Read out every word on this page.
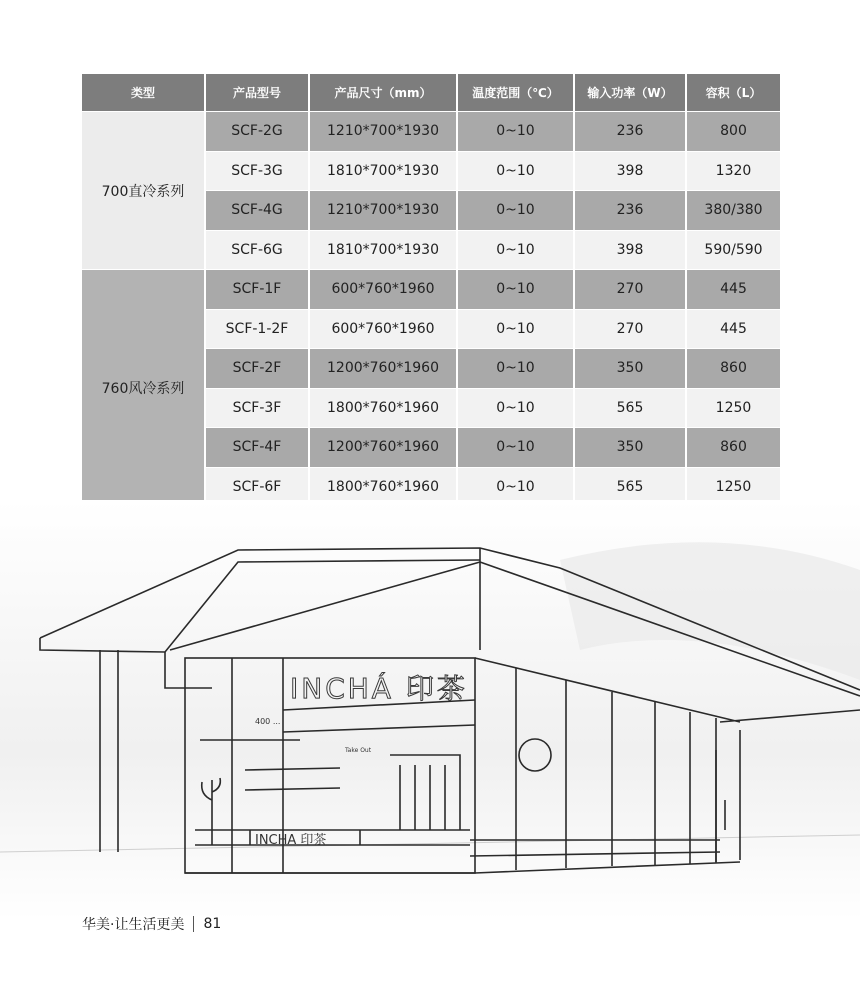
类型	产品型号	产品尺寸（mm）	温度范围（℃）	输入功率（W）	容积（L）
700直冷系列	SCF-2G	1210*700*1930	0~10	236	800
	SCF-3G	1810*700*1930	0~10	398	1320
	SCF-4G	1210*700*1930	0~10	236	380/380
	SCF-6G	1810*700*1930	0~10	398	590/590
760风冷系列	SCF-1F	600*760*1960	0~10	270	445
	SCF-1-2F	600*760*1960	0~10	270	445
	SCF-2F	1200*760*1960	0~10	350	860
	SCF-3F	1800*760*1960	0~10	565	1250
	SCF-4F	1200*760*1960	0~10	350	860
	SCF-6F	1800*760*1960	0~10	565	1250
INCHÁ 印茶
INCHA 印茶
400 ...
Take Out
华美·让生活更美 81
